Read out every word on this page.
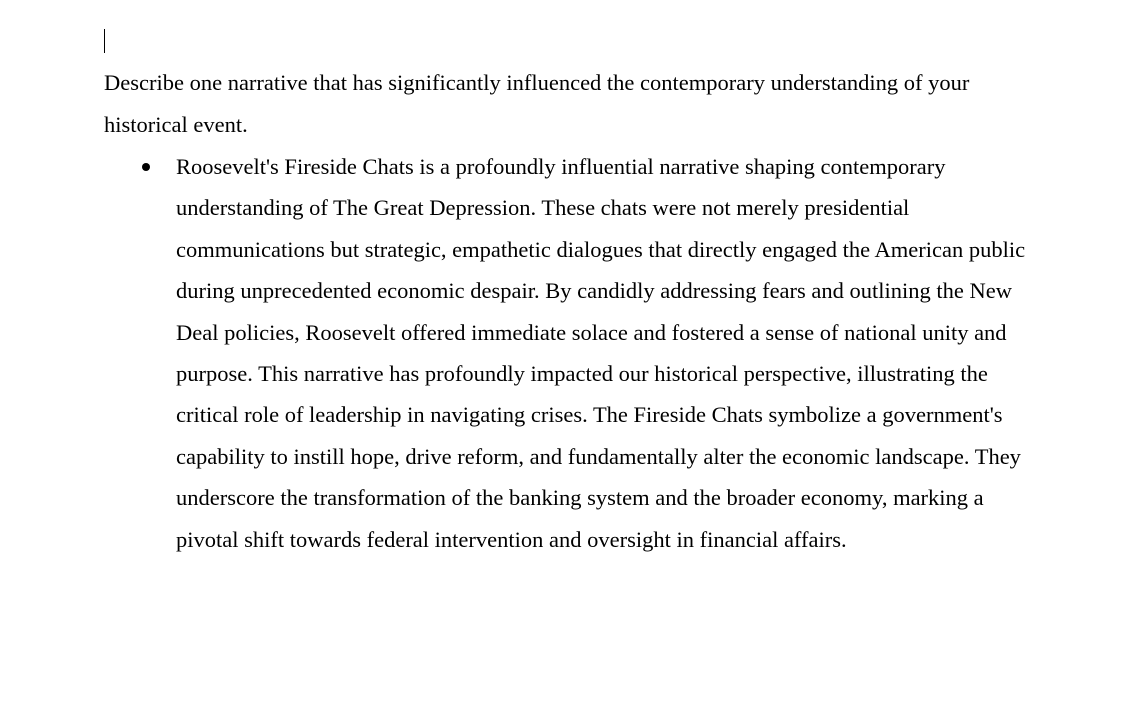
Describe one narrative that has significantly influenced the contemporary understanding of your historical event.

Roosevelt's Fireside Chats is a profoundly influential narrative shaping contemporary understanding of The Great Depression. These chats were not merely presidential communications but strategic, empathetic dialogues that directly engaged the American public during unprecedented economic despair. By candidly addressing fears and outlining the New Deal policies, Roosevelt offered immediate solace and fostered a sense of national unity and purpose. This narrative has profoundly impacted our historical perspective, illustrating the critical role of leadership in navigating crises. The Fireside Chats symbolize a government's capability to instill hope, drive reform, and fundamentally alter the economic landscape. They underscore the transformation of the banking system and the broader economy, marking a pivotal shift towards federal intervention and oversight in financial affairs.
